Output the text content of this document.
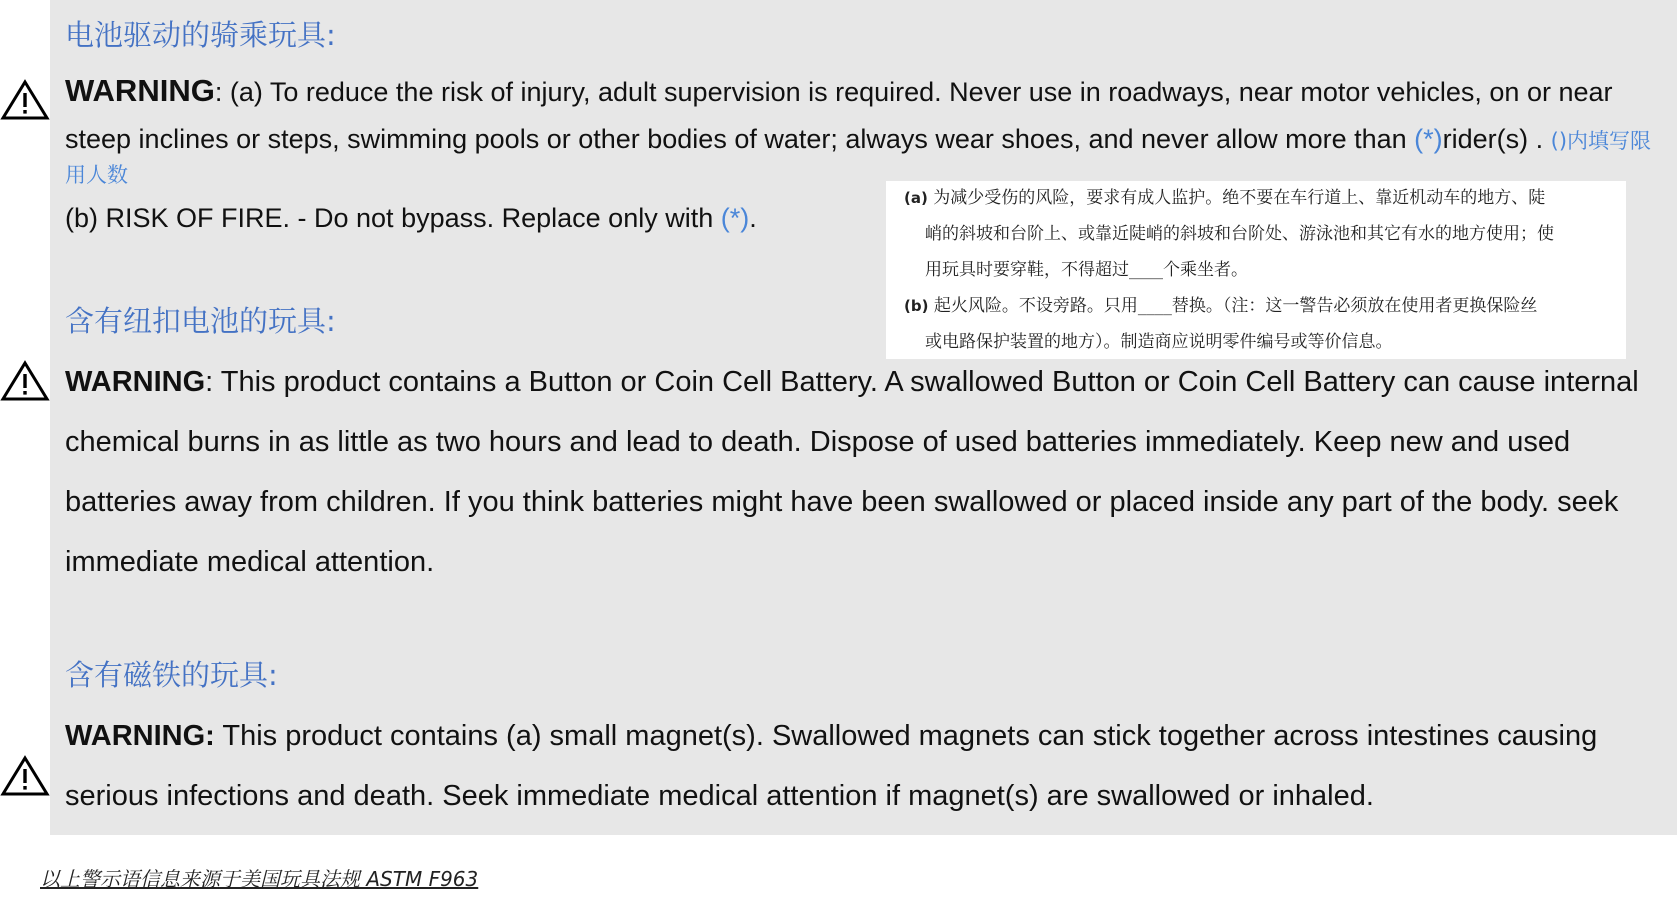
电池驱动的骑乘玩具:
WARNING: (a) To reduce the risk of injury, adult supervision is required. Never use in roadways, near motor vehicles, on or near steep inclines or steps, swimming pools or other bodies of water; always wear shoes, and never allow more than (*)rider(s) . ()内填写限
用人数
(b) RISK OF FIRE. - Do not bypass. Replace only with (*).
(a) 为减少受伤的风险，要求有成人监护。绝不要在车行道上、靠近机动车的地方、陡
峭的斜坡和台阶上、或靠近陡峭的斜坡和台阶处、游泳池和其它有水的地方使用；使
用玩具时要穿鞋，不得超过____个乘坐者。
(b) 起火风险。不设旁路。只用____替换。（注：这一警告必须放在使用者更换保险丝
或电路保护装置的地方）。制造商应说明零件编号或等价信息。
含有纽扣电池的玩具:
WARNING: This product contains a Button or Coin Cell Battery. A swallowed Button or Coin Cell Battery can cause internal chemical burns in as little as two hours and lead to death. Dispose of used batteries immediately. Keep new and used batteries away from children. If you think batteries might have been swallowed or placed inside any part of the body. seek immediate medical attention.
含有磁铁的玩具:
WARNING: This product contains (a) small magnet(s). Swallowed magnets can stick together across intestines causing serious infections and death. Seek immediate medical attention if magnet(s) are swallowed or inhaled.
以上警示语信息来源于美国玩具法规 ASTM F963
